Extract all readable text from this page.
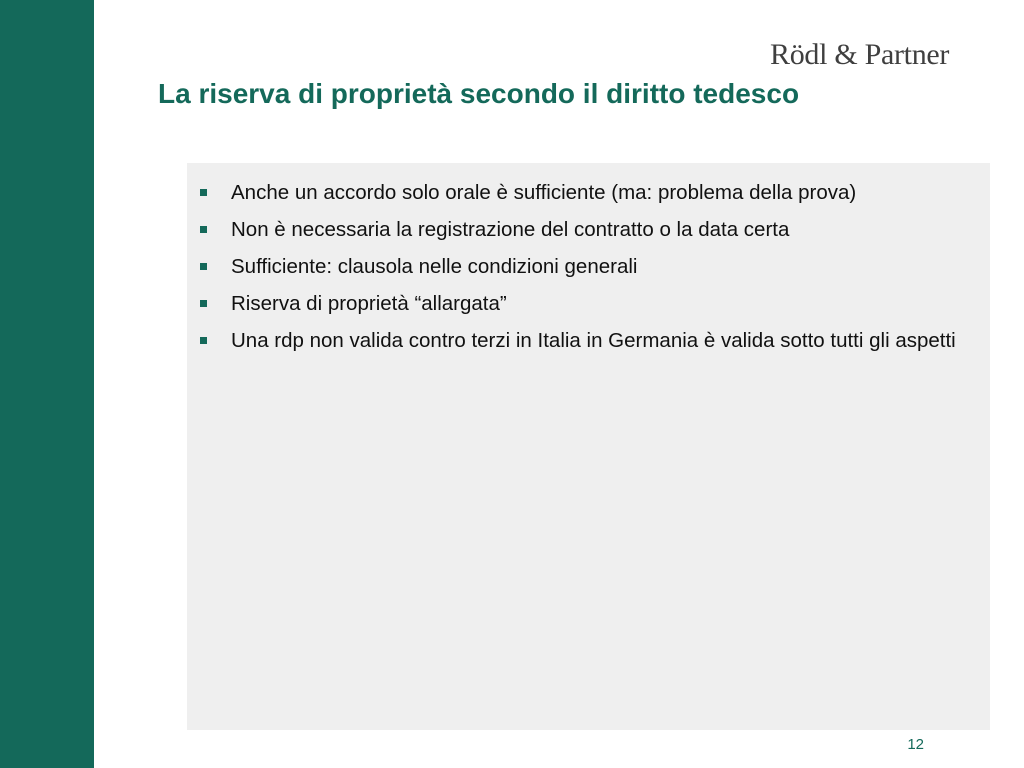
Rödl & Partner
La riserva di proprietà secondo il diritto tedesco
Anche un accordo solo orale è sufficiente (ma: problema della prova)
Non è necessaria la registrazione del contratto o la data certa
Sufficiente: clausola nelle condizioni generali
Riserva di proprietà “allargata”
Una rdp non valida contro terzi in Italia in Germania è valida sotto tutti gli aspetti
12
